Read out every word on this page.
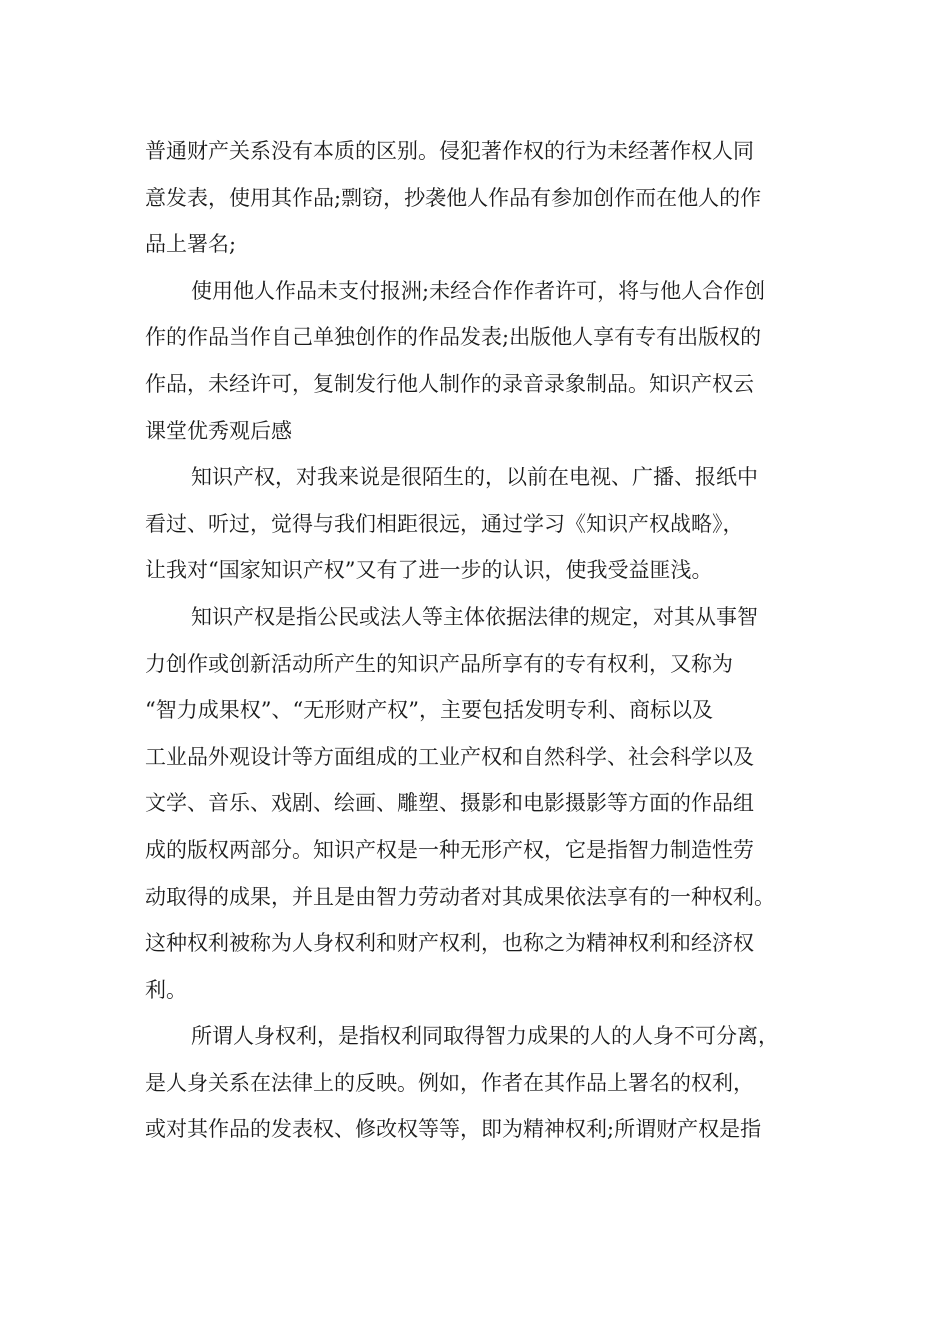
普通财产关系没有本质的区别。侵犯著作权的行为未经著作权人同
意发表，使用其作品;剽窃，抄袭他人作品有参加创作而在他人的作
品上署名;
使用他人作品未支付报洲;未经合作作者许可，将与他人合作创
作的作品当作自己单独创作的作品发表;出版他人享有专有出版权的
作品，未经许可，复制发行他人制作的录音录象制品。知识产权云
课堂优秀观后感
知识产权，对我来说是很陌生的，以前在电视、广播、报纸中
看过、听过，觉得与我们相距很远，通过学习《知识产权战略》，
让我对“国家知识产权”又有了进一步的认识，使我受益匪浅。
知识产权是指公民或法人等主体依据法律的规定，对其从事智
力创作或创新活动所产生的知识产品所享有的专有权利，又称为
“智力成果权”、“无形财产权”，主要包括发明专利、商标以及
工业品外观设计等方面组成的工业产权和自然科学、社会科学以及
文学、音乐、戏剧、绘画、雕塑、摄影和电影摄影等方面的作品组
成的版权两部分。知识产权是一种无形产权，它是指智力制造性劳
动取得的成果，并且是由智力劳动者对其成果依法享有的一种权利。
这种权利被称为人身权利和财产权利，也称之为精神权利和经济权
利。
所谓人身权利，是指权利同取得智力成果的人的人身不可分离，
是人身关系在法律上的反映。例如，作者在其作品上署名的权利，
或对其作品的发表权、修改权等等，即为精神权利;所谓财产权是指
